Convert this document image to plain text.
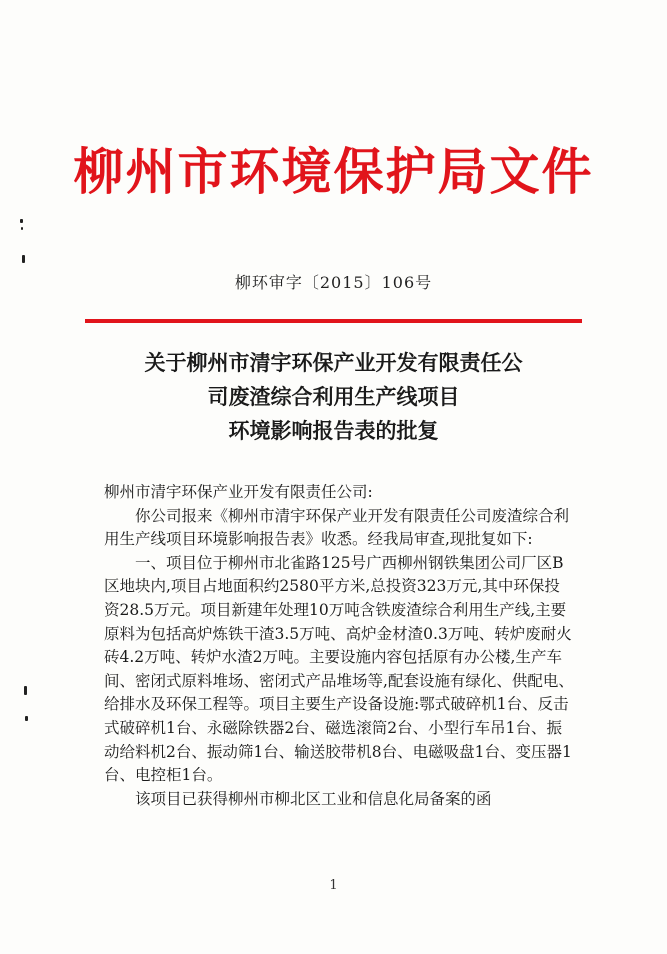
柳州市环境保护局文件
柳环审字〔2015〕106号
关于柳州市清宇环保产业开发有限责任公
司废渣综合利用生产线项目
环境影响报告表的批复

柳州市清宇环保产业开发有限责任公司:

你公司报来《柳州市清宇环保产业开发有限责任公司废渣综合利用生产线项目环境影响报告表》收悉。经我局审查,现批复如下:

一、项目位于柳州市北雀路125号广西柳州钢铁集团公司厂区B区地块内,项目占地面积约2580平方米,总投资323万元,其中环保投资28.5万元。项目新建年处理10万吨含铁废渣综合利用生产线,主要原料为包括高炉炼铁干渣3.5万吨、高炉金材渣0.3万吨、转炉废耐火砖4.2万吨、转炉水渣2万吨。主要设施内容包括原有办公楼,生产车间、密闭式原料堆场、密闭式产品堆场等,配套设施有绿化、供配电、给排水及环保工程等。项目主要生产设备设施:鄂式破碎机1台、反击式破碎机1台、永磁除铁器2台、磁选滚筒2台、小型行车吊1台、振动给料机2台、振动筛1台、输送胶带机8台、电磁吸盘1台、变压器1台、电控柜1台。

该项目已获得柳州市柳北区工业和信息化局备案的函

1
